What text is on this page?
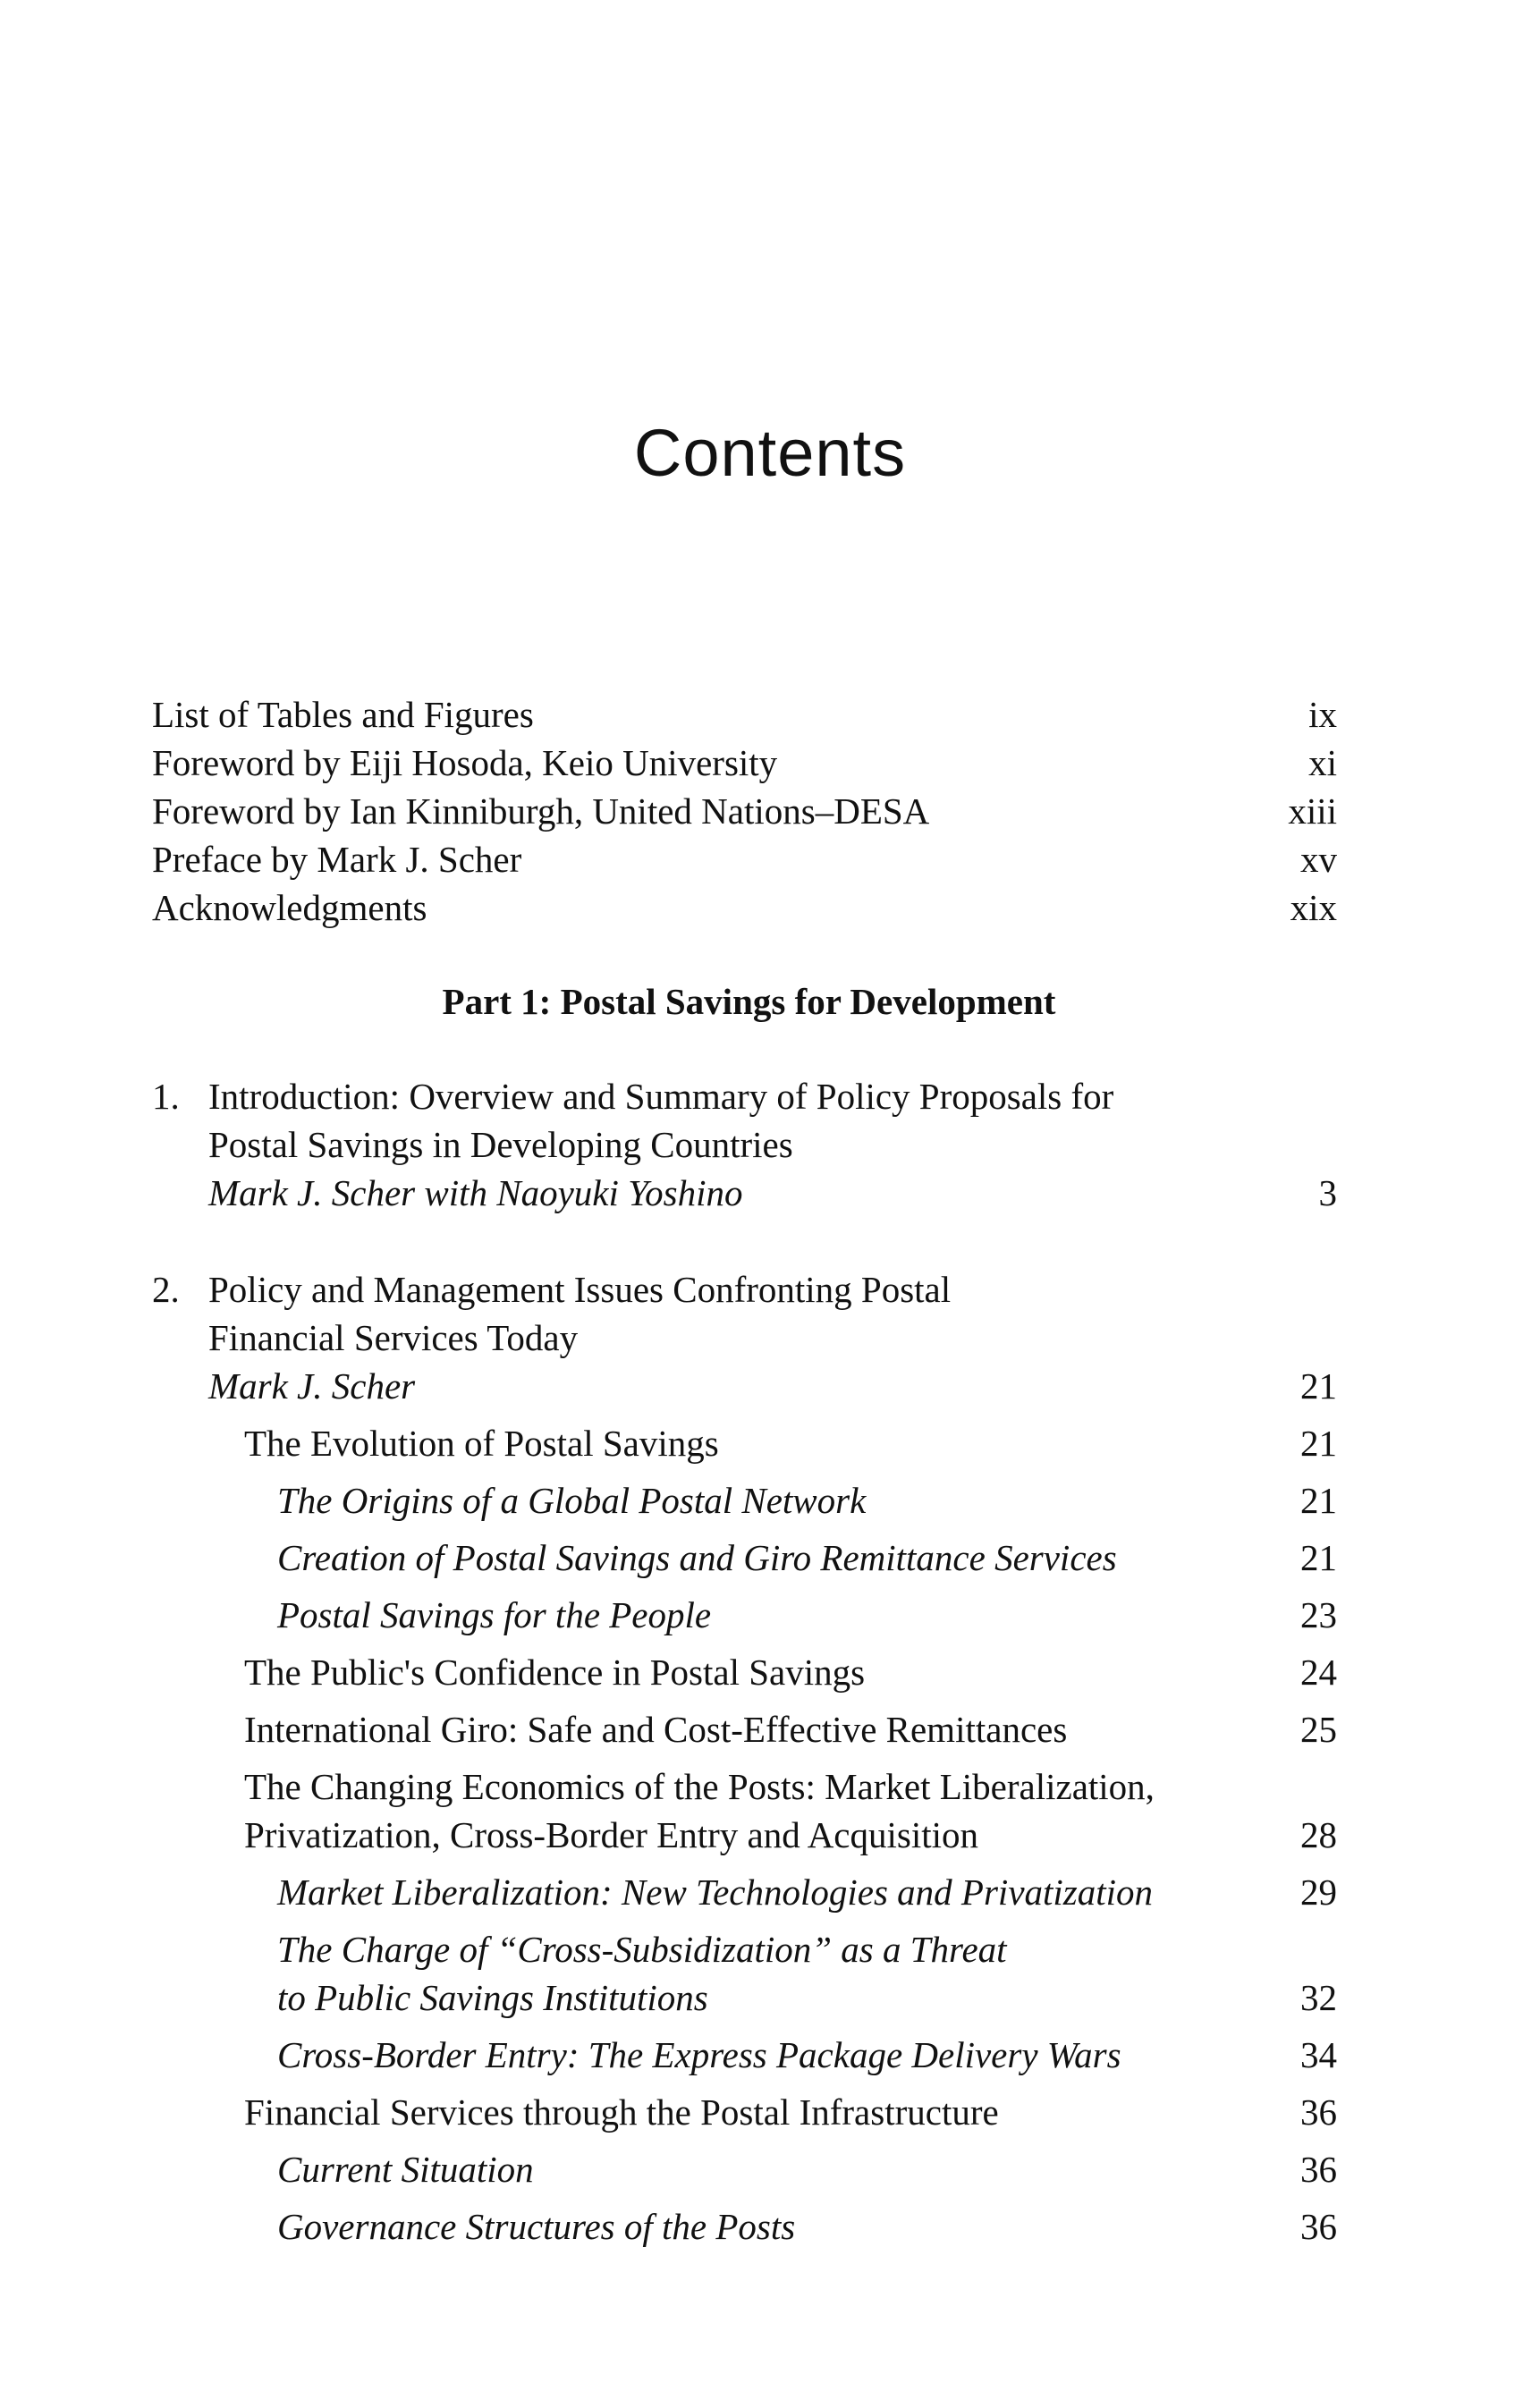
Contents
List of Tables and Figures	ix
Foreword by Eiji Hosoda, Keio University	xi
Foreword by Ian Kinniburgh, United Nations–DESA	xiii
Preface by Mark J. Scher	xv
Acknowledgments	xix
Part 1: Postal Savings for Development
1. Introduction: Overview and Summary of Policy Proposals for
Postal Savings in Developing Countries
Mark J. Scher with Naoyuki Yoshino	3
2. Policy and Management Issues Confronting Postal
Financial Services Today
Mark J. Scher	21
The Evolution of Postal Savings	21
The Origins of a Global Postal Network	21
Creation of Postal Savings and Giro Remittance Services	21
Postal Savings for the People	23
The Public's Confidence in Postal Savings	24
International Giro: Safe and Cost-Effective Remittances	25
The Changing Economics of the Posts: Market Liberalization,
Privatization, Cross-Border Entry and Acquisition	28
Market Liberalization: New Technologies and Privatization	29
The Charge of “Cross-Subsidization” as a Threat
to Public Savings Institutions	32
Cross-Border Entry: The Express Package Delivery Wars	34
Financial Services through the Postal Infrastructure	36
Current Situation	36
Governance Structures of the Posts	36
